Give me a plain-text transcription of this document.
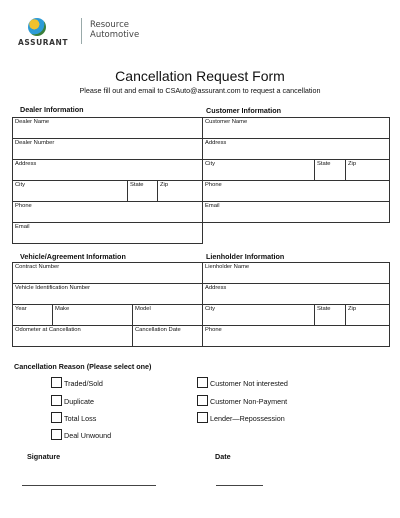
ASSURANT
Resource
Automotive
Cancellation Request Form
Please fill out and email to CSAuto@assurant.com to request a cancellation
Dealer Information
Dealer Name
Dealer Number
Address
City	State	Zip
Phone
Email
Customer Information
Customer Name
Address
City	State	Zip
Phone
Email
Vehicle/Agreement Information
Contract Number		
Vehicle Identification Number		
Year	Make	Model
Odometer at Cancellation		Cancellation Date
Lienholder Information
Lienholder Name
Address
City	State	Zip
Phone
Cancellation Reason (Please select one)
Traded/Sold
Duplicate
Total Loss
Deal Unwound
Customer Not interested
Customer Non-Payment
Lender—Repossession
Signature	Date
